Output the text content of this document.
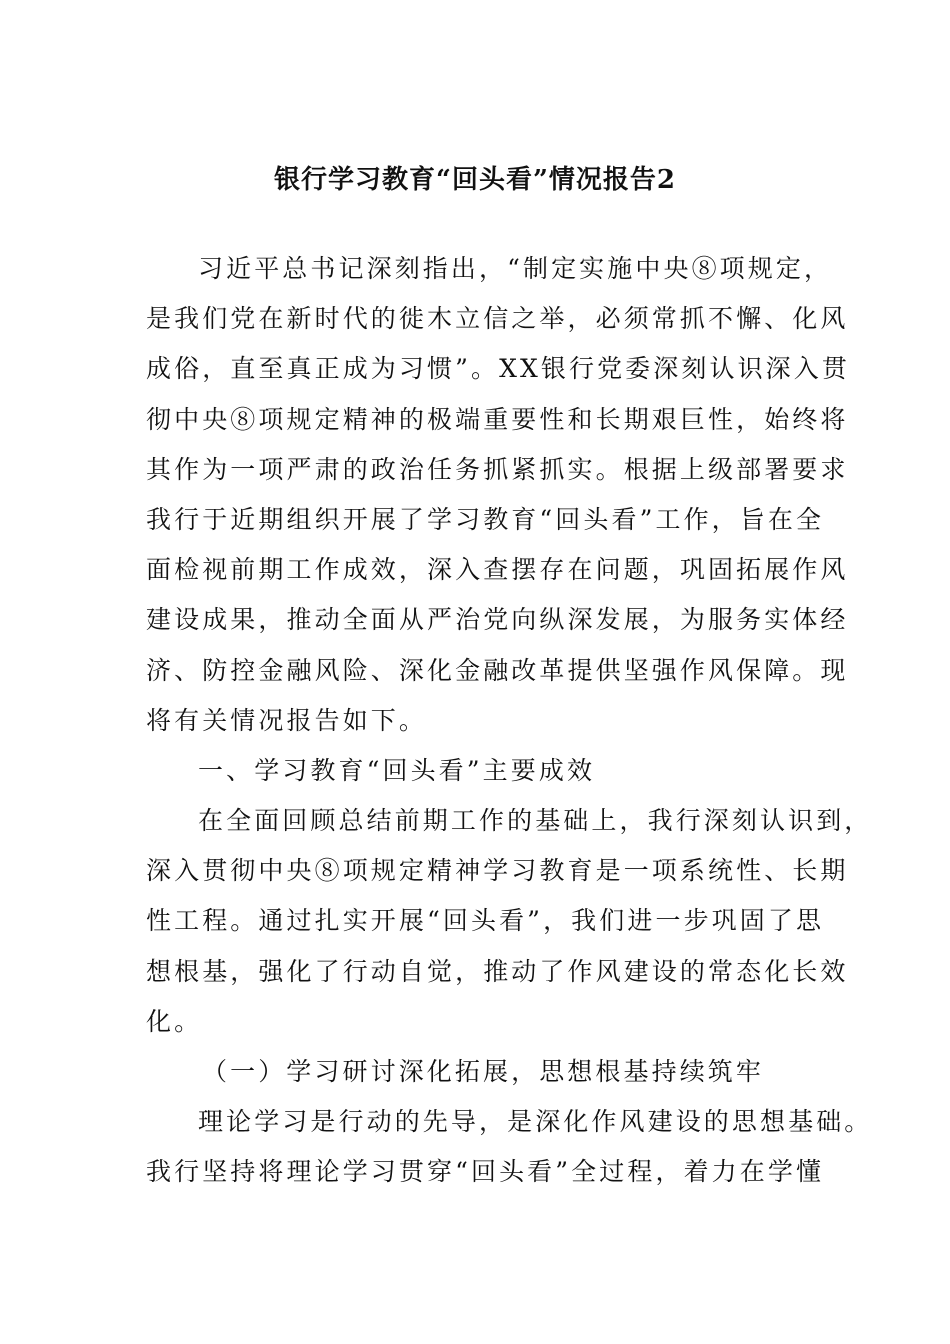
银行学习教育“回头看”情况报告2
习近平总书记深刻指出，“制定实施中央⑧项规定，
是我们党在新时代的徙木立信之举，必须常抓不懈、化风
成俗，直至真正成为习惯”。XX银行党委深刻认识深入贯
彻中央⑧项规定精神的极端重要性和长期艰巨性，始终将
其作为一项严肃的政治任务抓紧抓实。根据上级部署要求
我行于近期组织开展了学习教育“回头看”工作，旨在全
面检视前期工作成效，深入查摆存在问题，巩固拓展作风
建设成果，推动全面从严治党向纵深发展，为服务实体经
济、防控金融风险、深化金融改革提供坚强作风保障。现
将有关情况报告如下。
一、学习教育“回头看”主要成效
在全面回顾总结前期工作的基础上，我行深刻认识到，
深入贯彻中央⑧项规定精神学习教育是一项系统性、长期
性工程。通过扎实开展“回头看”，我们进一步巩固了思
想根基，强化了行动自觉，推动了作风建设的常态化长效
化。
（一）学习研讨深化拓展，思想根基持续筑牢
理论学习是行动的先导，是深化作风建设的思想基础。
我行坚持将理论学习贯穿“回头看”全过程，着力在学懂
